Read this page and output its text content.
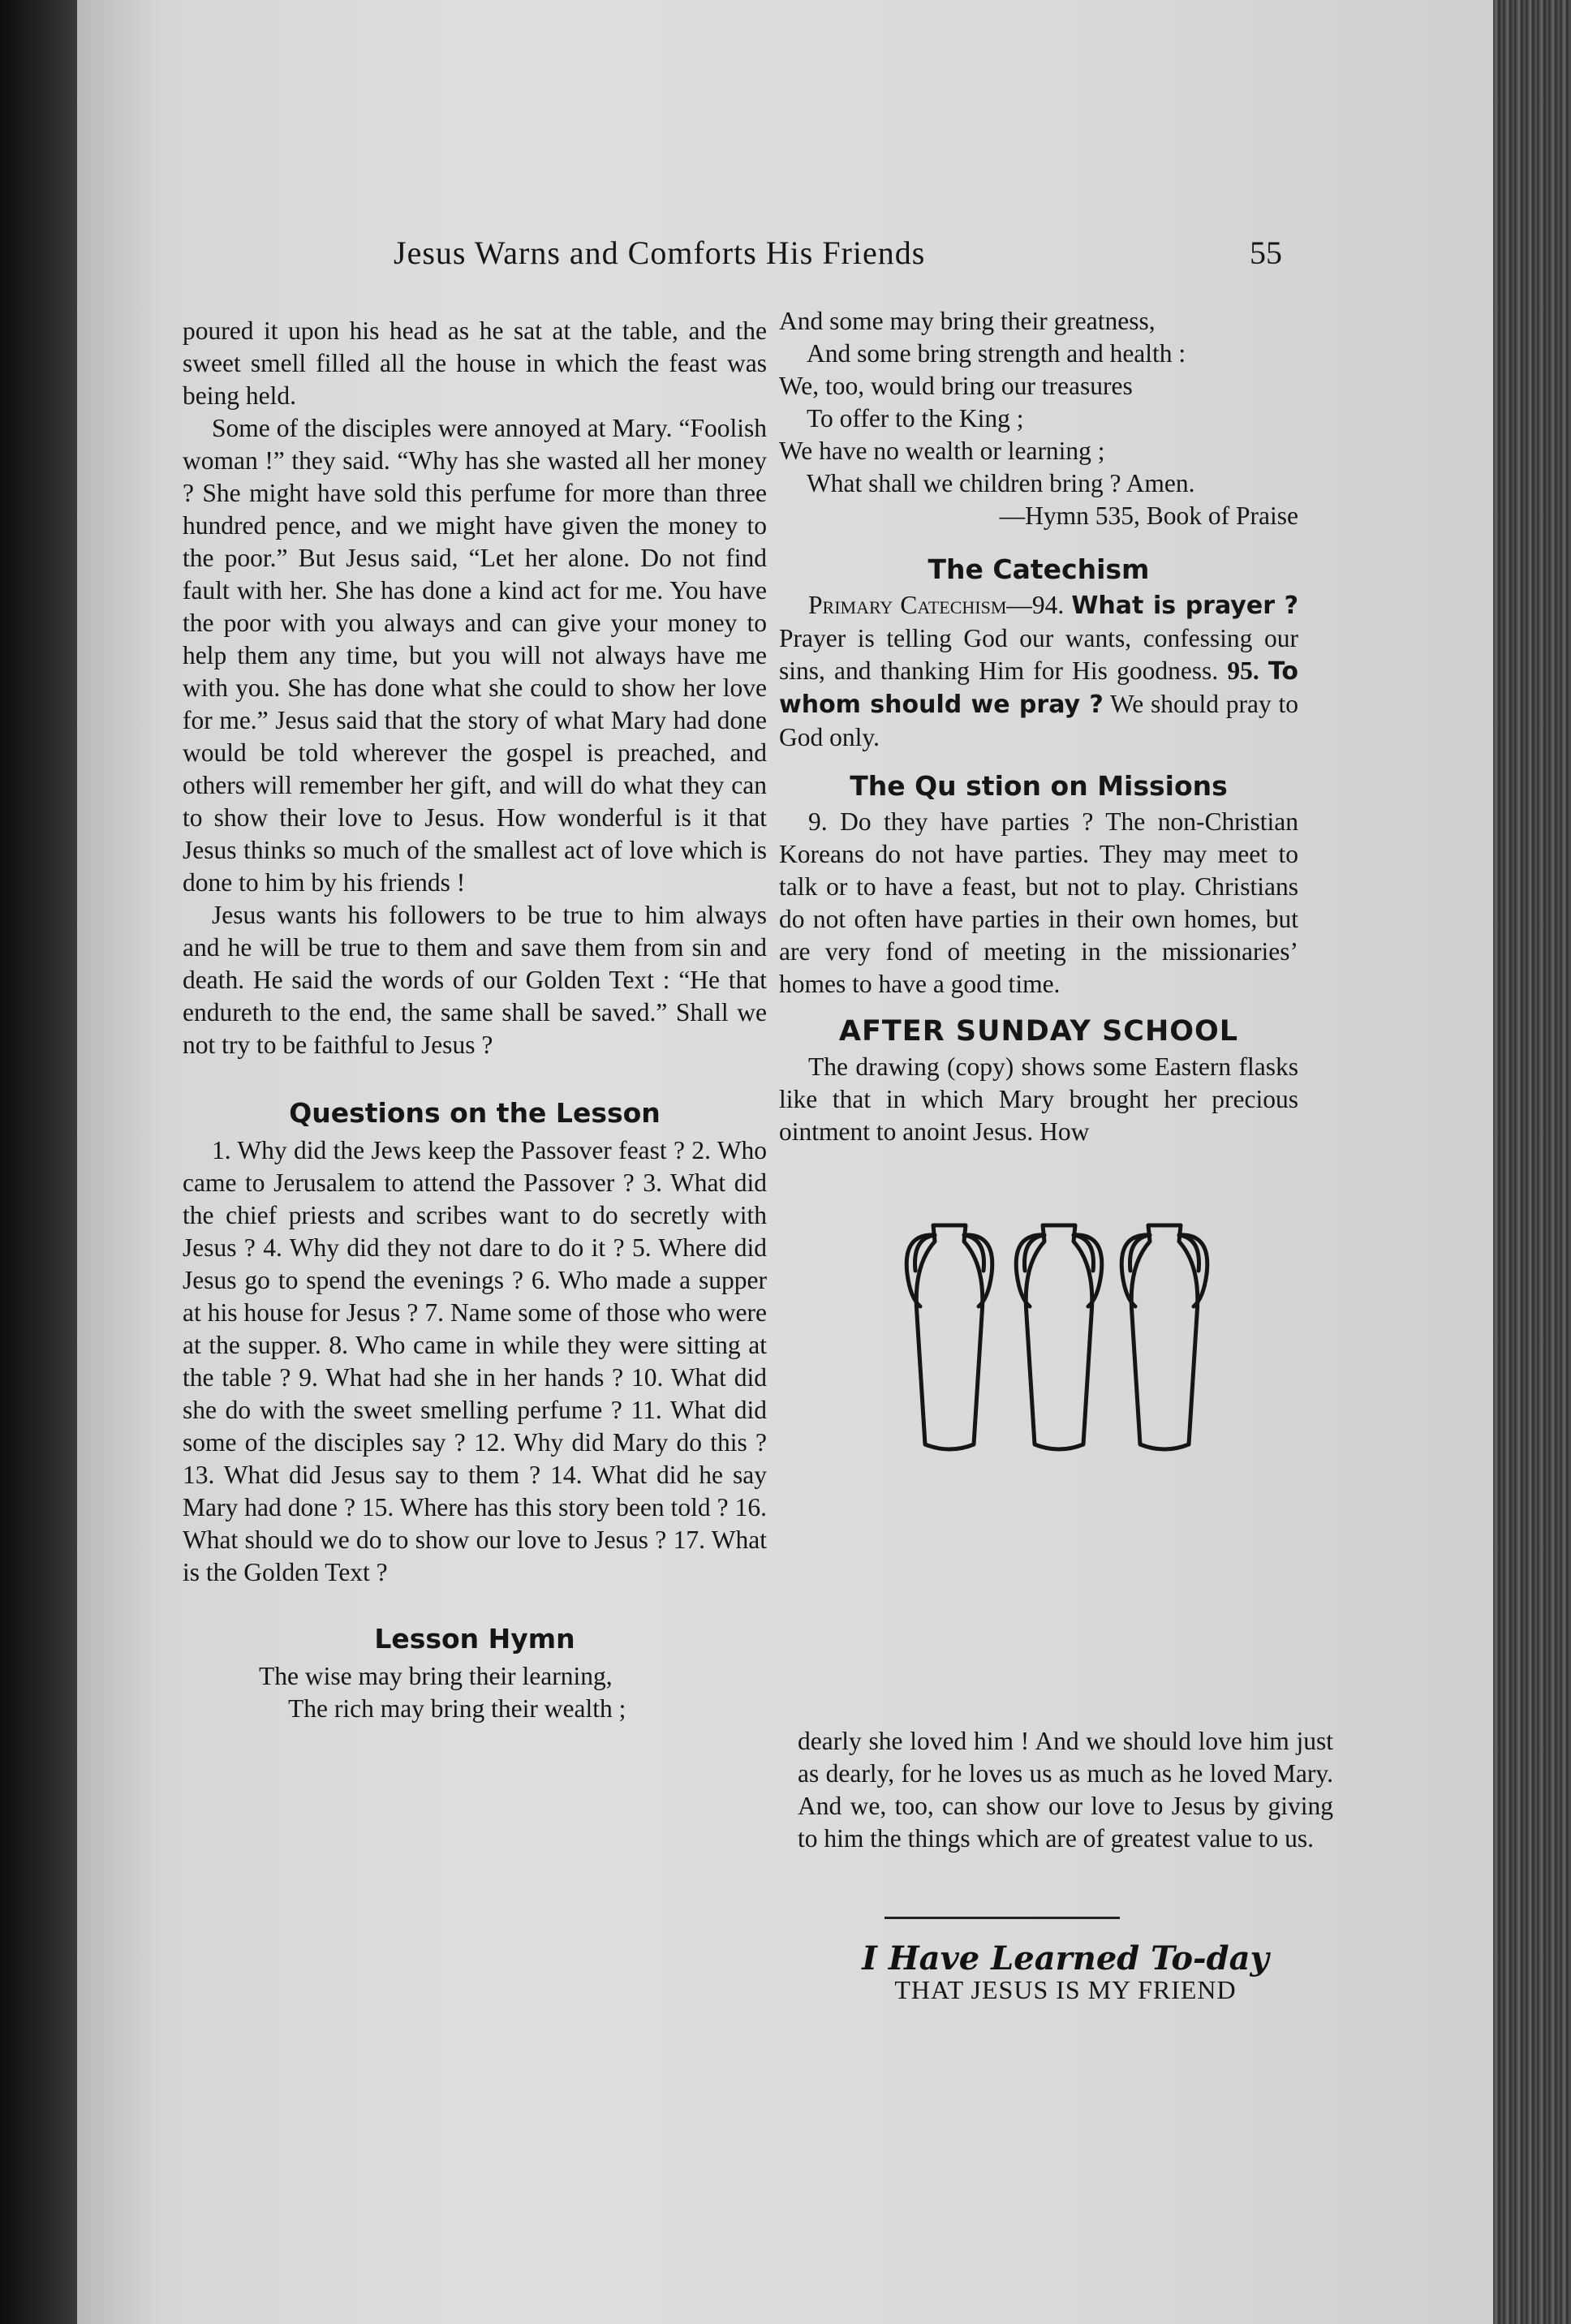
Jesus Warns and Comforts His Friends	55

poured it upon his head as he sat at the table, and the sweet smell filled all the house in which the feast was being held.

Some of the disciples were annoyed at Mary. “Foolish woman !” they said. “Why has she wasted all her money ? She might have sold this perfume for more than three hundred pence, and we might have given the money to the poor.” But Jesus said, “Let her alone. Do not find fault with her. She has done a kind act for me. You have the poor with you always and can give your money to help them any time, but you will not always have me with you. She has done what she could to show her love for me.” Jesus said that the story of what Mary had done would be told wherever the gospel is preached, and others will remember her gift, and will do what they can to show their love to Jesus. How wonderful is it that Jesus thinks so much of the smallest act of love which is done to him by his friends !

Jesus wants his followers to be true to him always and he will be true to them and save them from sin and death. He said the words of our Golden Text : “He that endureth to the end, the same shall be saved.” Shall we not try to be faithful to Jesus ?

Questions on the Lesson

1. Why did the Jews keep the Passover feast ? 2. Who came to Jerusalem to attend the Passover ? 3. What did the chief priests and scribes want to do secretly with Jesus ? 4. Why did they not dare to do it ? 5. Where did Jesus go to spend the evenings ? 6. Who made a supper at his house for Jesus ? 7. Name some of those who were at the supper. 8. Who came in while they were sitting at the table ? 9. What had she in her hands ? 10. What did she do with the sweet smelling perfume ? 11. What did some of the disciples say ? 12. Why did Mary do this ? 13. What did Jesus say to them ? 14. What did he say Mary had done ? 15. Where has this story been told ? 16. What should we do to show our love to Jesus ? 17. What is the Golden Text ?

Lesson Hymn

The wise may bring their learning,

The rich may bring their wealth ;

And some may bring their greatness,

And some bring strength and health :

We, too, would bring our treasures

To offer to the King ;

We have no wealth or learning ;

What shall we children bring ? Amen.

—Hymn 535, Book of Praise

The Catechism

Primary Catechism—94. What is prayer ? Prayer is telling God our wants, confessing our sins, and thanking Him for His goodness. 95. To whom should we pray ? We should pray to God only.

The Qu stion on Missions

9. Do they have parties ? The non-Christian Koreans do not have parties. They may meet to talk or to have a feast, but not to play. Christians do not often have parties in their own homes, but are very fond of meeting in the missionaries’ homes to have a good time.

AFTER SUNDAY SCHOOL

The drawing (copy) shows some Eastern flasks like that in which Mary brought her precious ointment to anoint Jesus. How

dearly she loved him ! And we should love him just as dearly, for he loves us as much as he loved Mary. And we, too, can show our love to Jesus by giving to him the things which are of greatest value to us.

I Have Learned To-day
THAT JESUS IS MY FRIEND
